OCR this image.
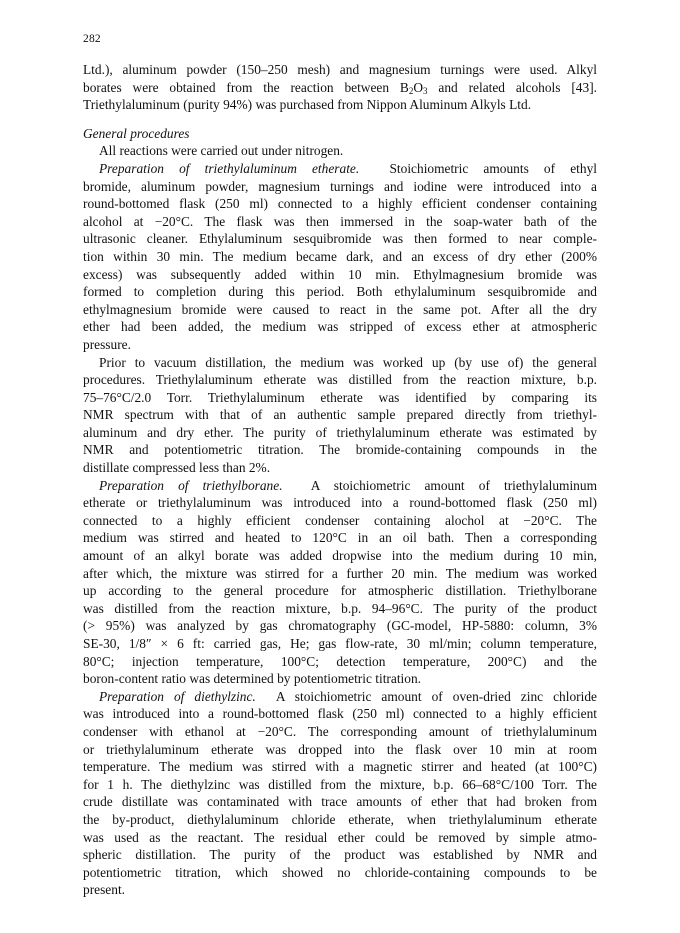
282
Ltd.), aluminum powder (150–250 mesh) and magnesium turnings were used. Alkyl
borates were obtained from the reaction between $B_2O_3$ and related alcohols [43].
Triethylaluminum (purity 94%) was purchased from Nippon Aluminum Alkyls Ltd.
General procedures
All reactions were carried out under nitrogen.
Preparation of triethylaluminum etherate. Stoichiometric amounts of ethyl
bromide, aluminum powder, magnesium turnings and iodine were introduced into a
round-bottomed flask (250 ml) connected to a highly efficient condenser containing
alcohol at −20°C. The flask was then immersed in the soap-water bath of the
ultrasonic cleaner. Ethylaluminum sesquibromide was then formed to near comple-
tion within 30 min. The medium became dark, and an excess of dry ether (200%
excess) was subsequently added within 10 min. Ethylmagnesium bromide was
formed to completion during this period. Both ethylaluminum sesquibromide and
ethylmagnesium bromide were caused to react in the same pot. After all the dry
ether had been added, the medium was stripped of excess ether at atmospheric
pressure.
Prior to vacuum distillation, the medium was worked up (by use of) the general
procedures. Triethylaluminum etherate was distilled from the reaction mixture, b.p.
75–76°C/2.0 Torr. Triethylaluminum etherate was identified by comparing its
NMR spectrum with that of an authentic sample prepared directly from triethyl-
aluminum and dry ether. The purity of triethylaluminum etherate was estimated by
NMR and potentiometric titration. The bromide-containing compounds in the
distillate compressed less than 2%.
Preparation of triethylborane. A stoichiometric amount of triethylaluminum
etherate or triethylaluminum was introduced into a round-bottomed flask (250 ml)
connected to a highly efficient condenser containing alochol at −20°C. The
medium was stirred and heated to 120°C in an oil bath. Then a corresponding
amount of an alkyl borate was added dropwise into the medium during 10 min,
after which, the mixture was stirred for a further 20 min. The medium was worked
up according to the general procedure for atmospheric distillation. Triethylborane
was distilled from the reaction mixture, b.p. 94–96°C. The purity of the product
(> 95%) was analyzed by gas chromatography (GC-model, HP-5880: column, 3%
SE-30, 1/8″ × 6 ft: carried gas, He; gas flow-rate, 30 ml/min; column temperature,
80°C; injection temperature, 100°C; detection temperature, 200°C) and the
boron-content ratio was determined by potentiometric titration.
Preparation of diethylzinc. A stoichiometric amount of oven-dried zinc chloride
was introduced into a round-bottomed flask (250 ml) connected to a highly efficient
condenser with ethanol at −20°C. The corresponding amount of triethylaluminum
or triethylaluminum etherate was dropped into the flask over 10 min at room
temperature. The medium was stirred with a magnetic stirrer and heated (at 100°C)
for 1 h. The diethylzinc was distilled from the mixture, b.p. 66–68°C/100 Torr. The
crude distillate was contaminated with trace amounts of ether that had broken from
the by-product, diethylaluminum chloride etherate, when triethylaluminum etherate
was used as the reactant. The residual ether could be removed by simple atmo-
spheric distillation. The purity of the product was established by NMR and
potentiometric titration, which showed no chloride-containing compounds to be
present.
